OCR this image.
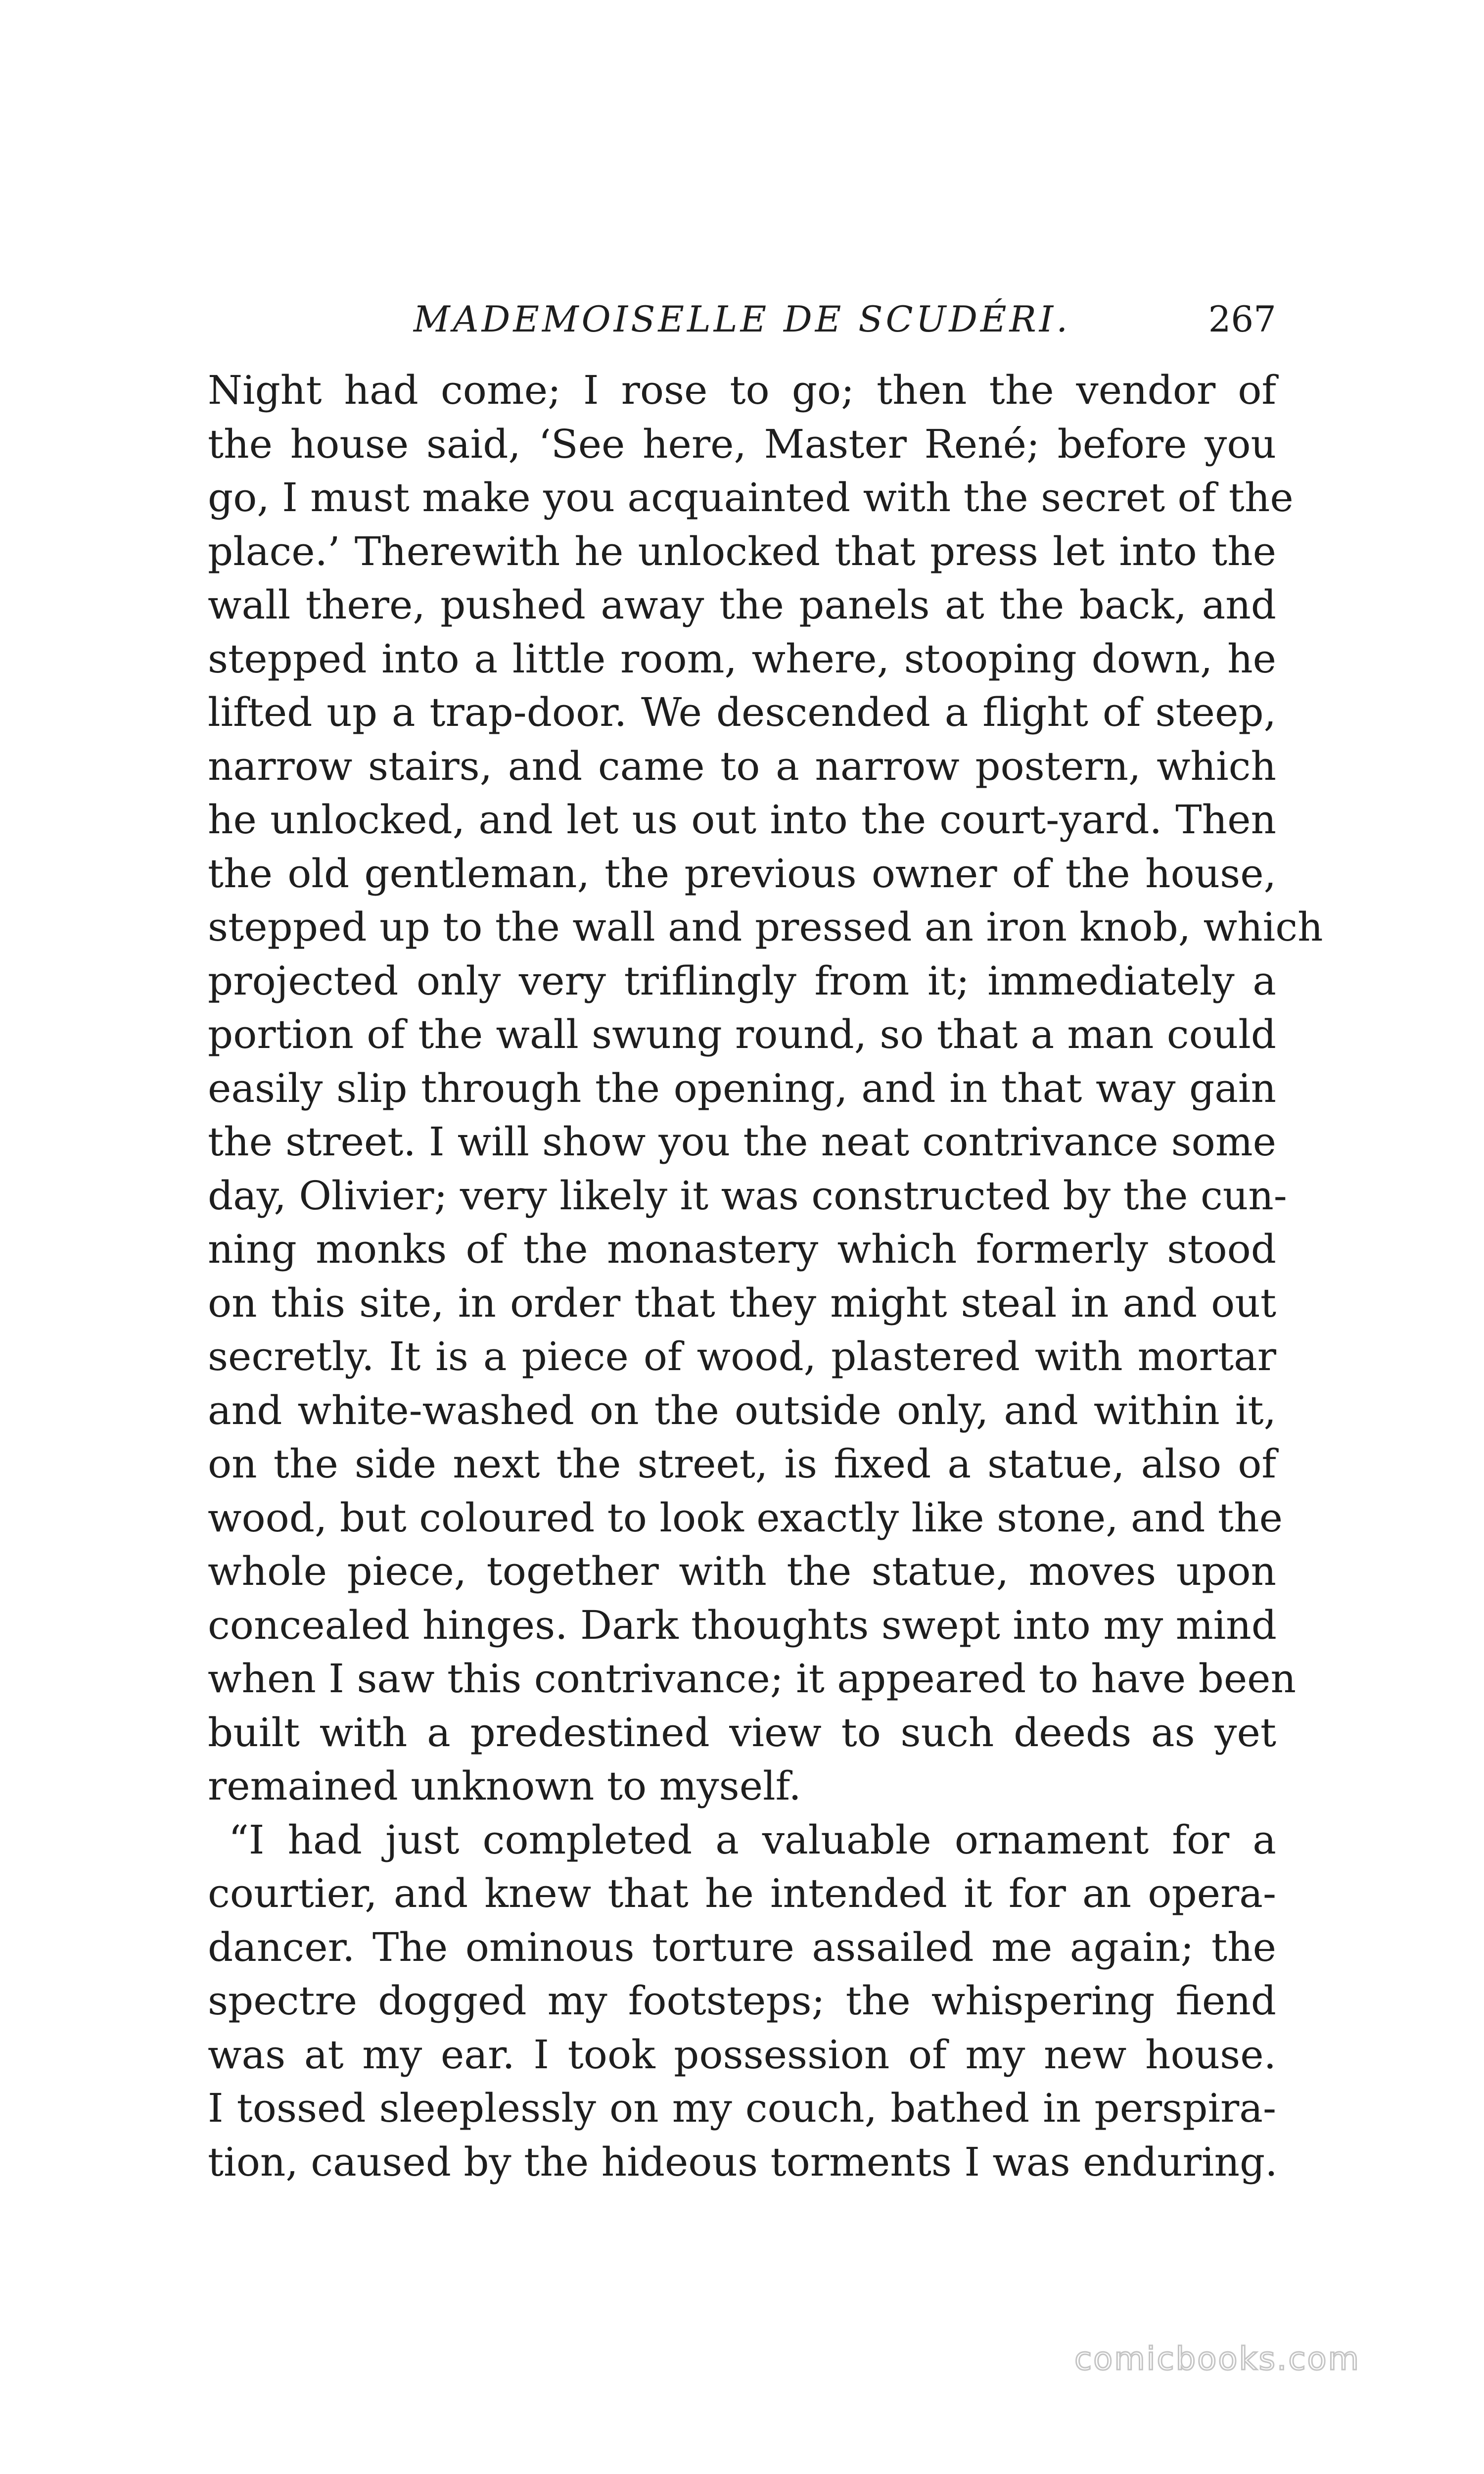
MADEMOISELLE DE SCUDÉRI.	267
Night had come; I rose to go; then the vendor of
the house said, ‘See here, Master René; before you
go, I must make you acquainted with the secret of the
place.’ Therewith he unlocked that press let into the
wall there, pushed away the panels at the back, and
stepped into a little room, where, stooping down, he
lifted up a trap-door. We descended a flight of steep,
narrow stairs, and came to a narrow postern, which
he unlocked, and let us out into the court-yard. Then
the old gentleman, the previous owner of the house,
stepped up to the wall and pressed an iron knob, which
projected only very triflingly from it; immediately a
portion of the wall swung round, so that a man could
easily slip through the opening, and in that way gain
the street. I will show you the neat contrivance some
day, Olivier; very likely it was constructed by the cun-
ning monks of the monastery which formerly stood
on this site, in order that they might steal in and out
secretly. It is a piece of wood, plastered with mortar
and white-washed on the outside only, and within it,
on the side next the street, is fixed a statue, also of
wood, but coloured to look exactly like stone, and the
whole piece, together with the statue, moves upon
concealed hinges. Dark thoughts swept into my mind
when I saw this contrivance; it appeared to have been
built with a predestined view to such deeds as yet
remained unknown to myself.
“I had just completed a valuable ornament for a
courtier, and knew that he intended it for an opera-
dancer. The ominous torture assailed me again; the
spectre dogged my footsteps; the whispering fiend
was at my ear. I took possession of my new house.
I tossed sleeplessly on my couch, bathed in perspira-
tion, caused by the hideous torments I was enduring.
comicbooks.com
